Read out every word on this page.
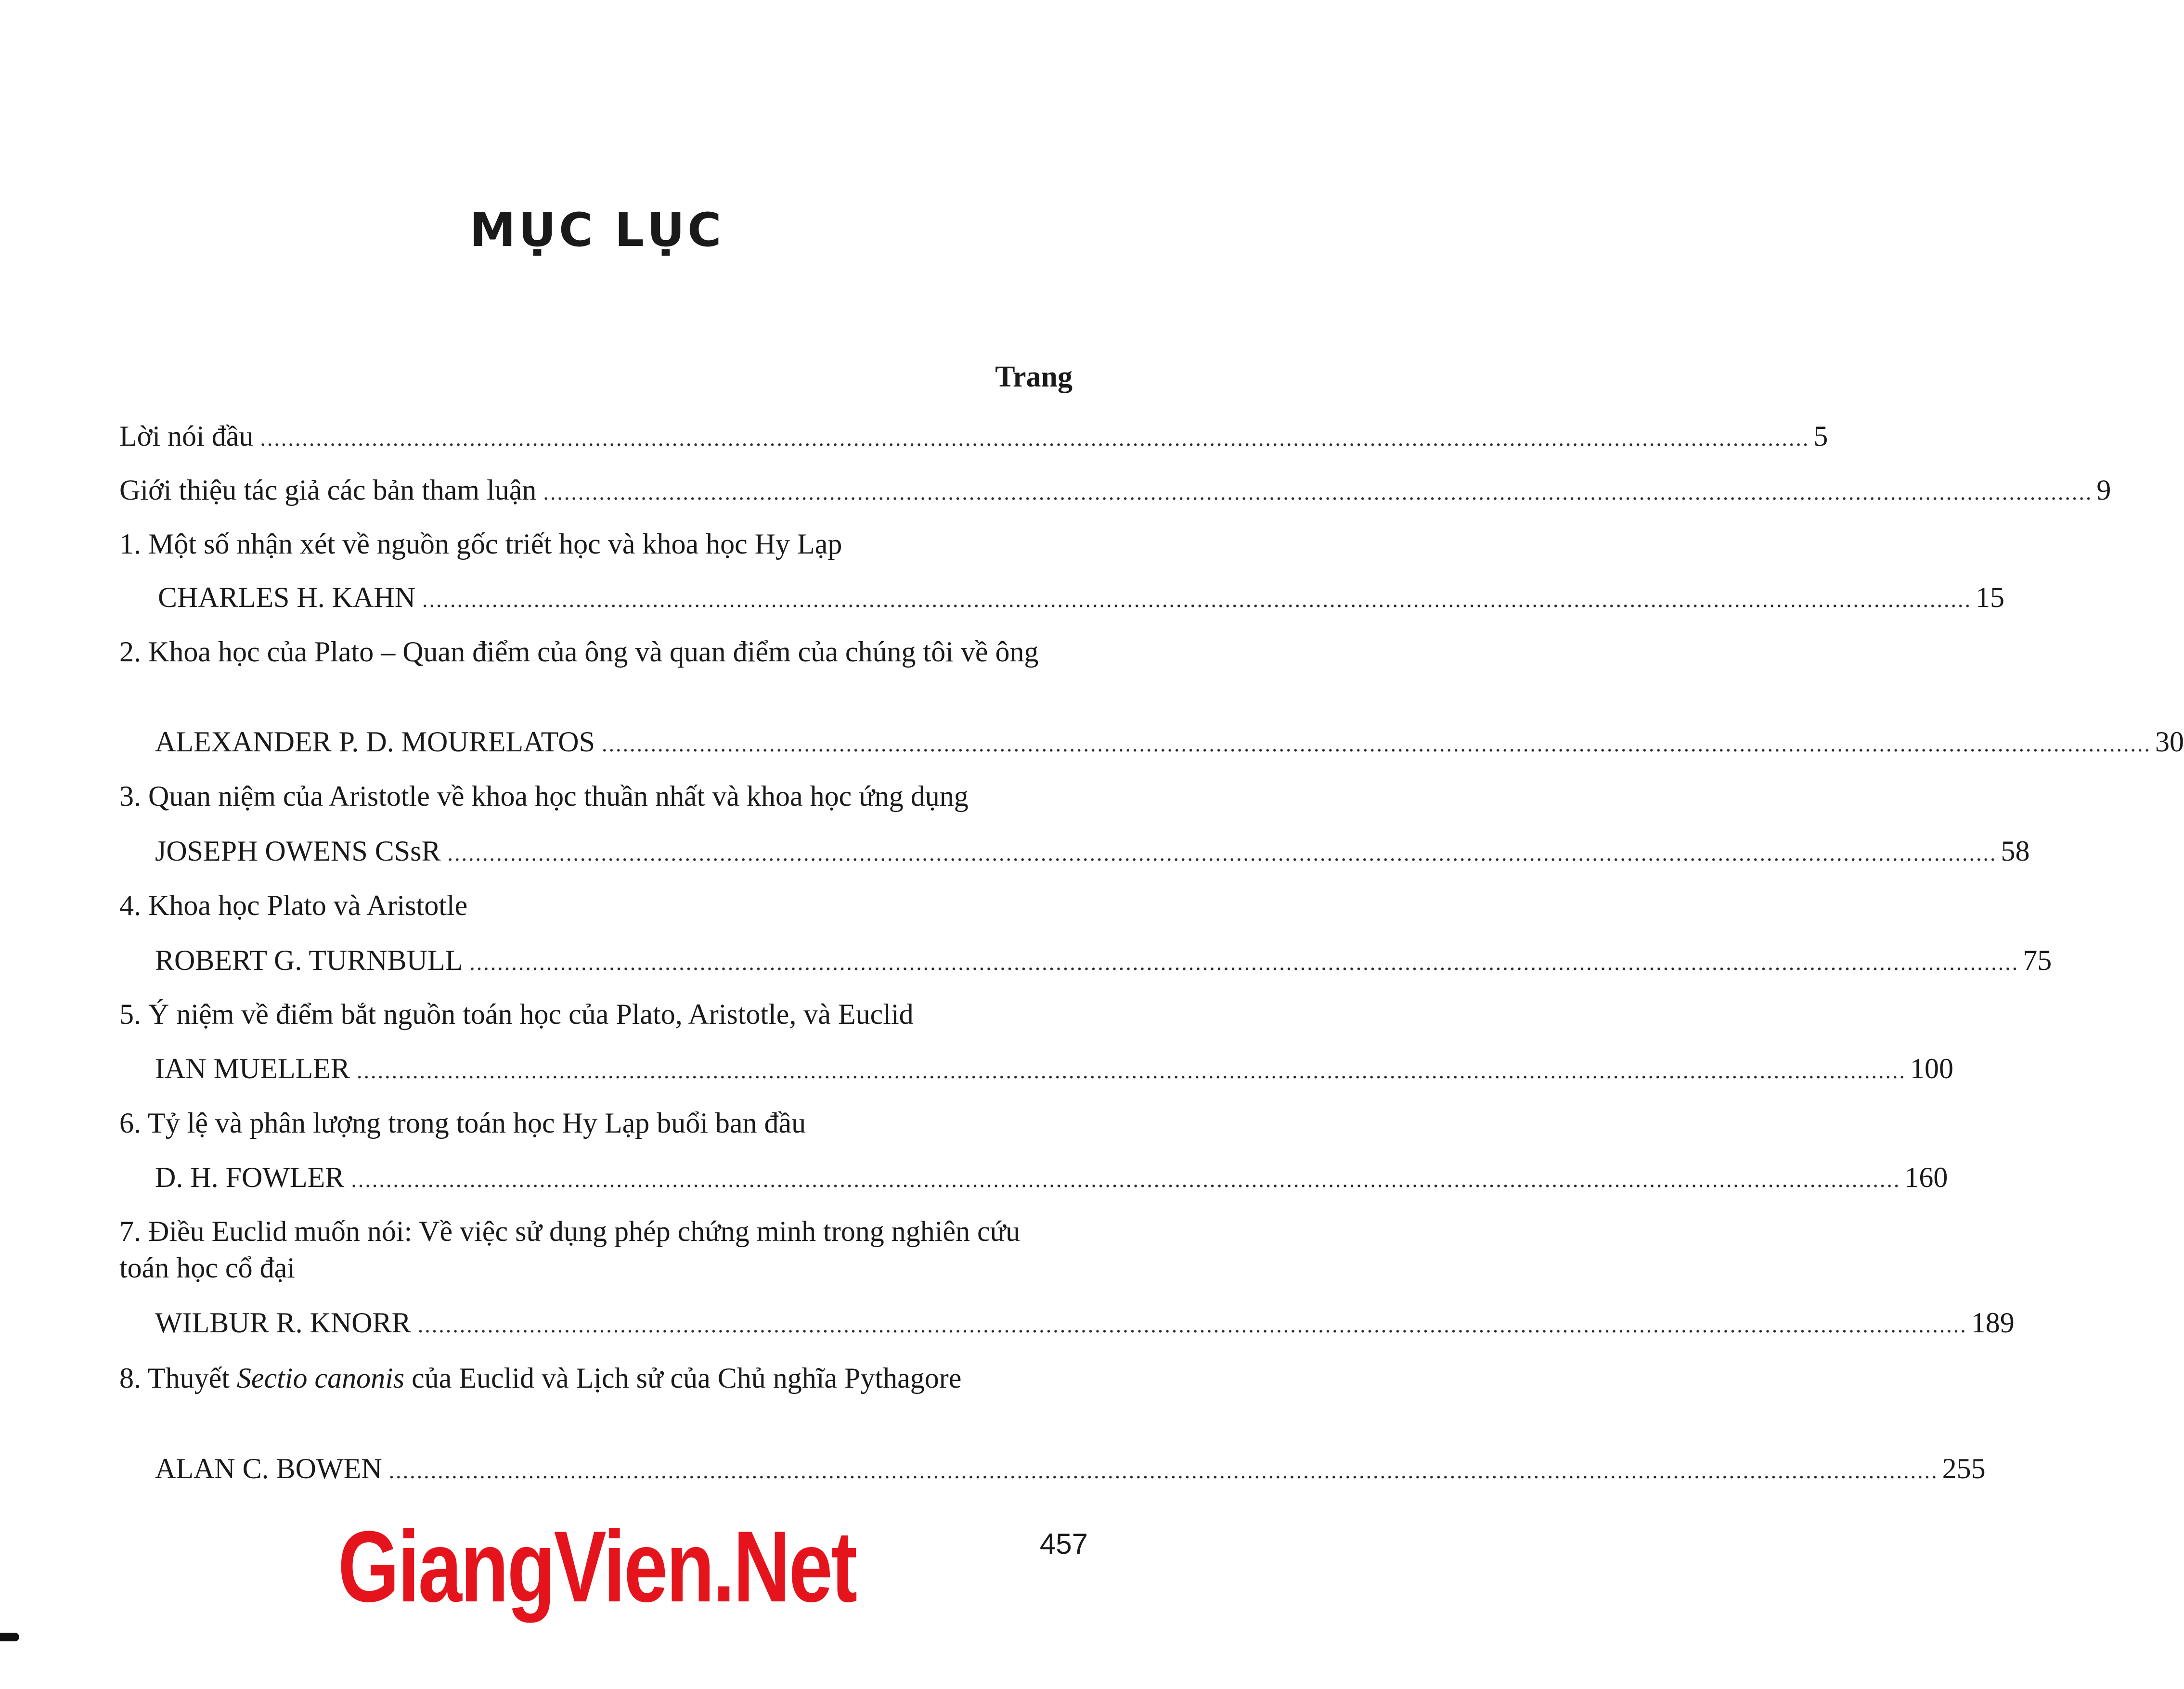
MỤC LỤC
Trang
Lời nói đầu .............................................................................................................................................................................................................................. 5
Giới thiệu tác giả các bản tham luận .............................................................................................................................................................................................................................. 9
1. Một số nhận xét về nguồn gốc triết học và khoa học Hy Lạp
CHARLES H. KAHN .............................................................................................................................................................................................................................. 15
2. Khoa học của Plato – Quan điểm của ông và quan điểm của chúng tôi về ông
ALEXANDER P. D. MOURELATOS .............................................................................................................................................................................................................................. 30
3. Quan niệm của Aristotle về khoa học thuần nhất và khoa học ứng dụng
JOSEPH OWENS CSsR .............................................................................................................................................................................................................................. 58
4. Khoa học Plato và Aristotle
ROBERT G. TURNBULL .............................................................................................................................................................................................................................. 75
5. Ý niệm về điểm bắt nguồn toán học của Plato, Aristotle, và Euclid
IAN MUELLER .............................................................................................................................................................................................................................. 100
6. Tỷ lệ và phân lượng trong toán học Hy Lạp buổi ban đầu
D. H. FOWLER .............................................................................................................................................................................................................................. 160
7. Điều Euclid muốn nói: Về việc sử dụng phép chứng minh trong nghiên cứu toán học cổ đại
WILBUR R. KNORR .............................................................................................................................................................................................................................. 189
8. Thuyết Sectio canonis của Euclid và Lịch sử của Chủ nghĩa Pythagore
ALAN C. BOWEN .............................................................................................................................................................................................................................. 255
457
GiangVien.Net
